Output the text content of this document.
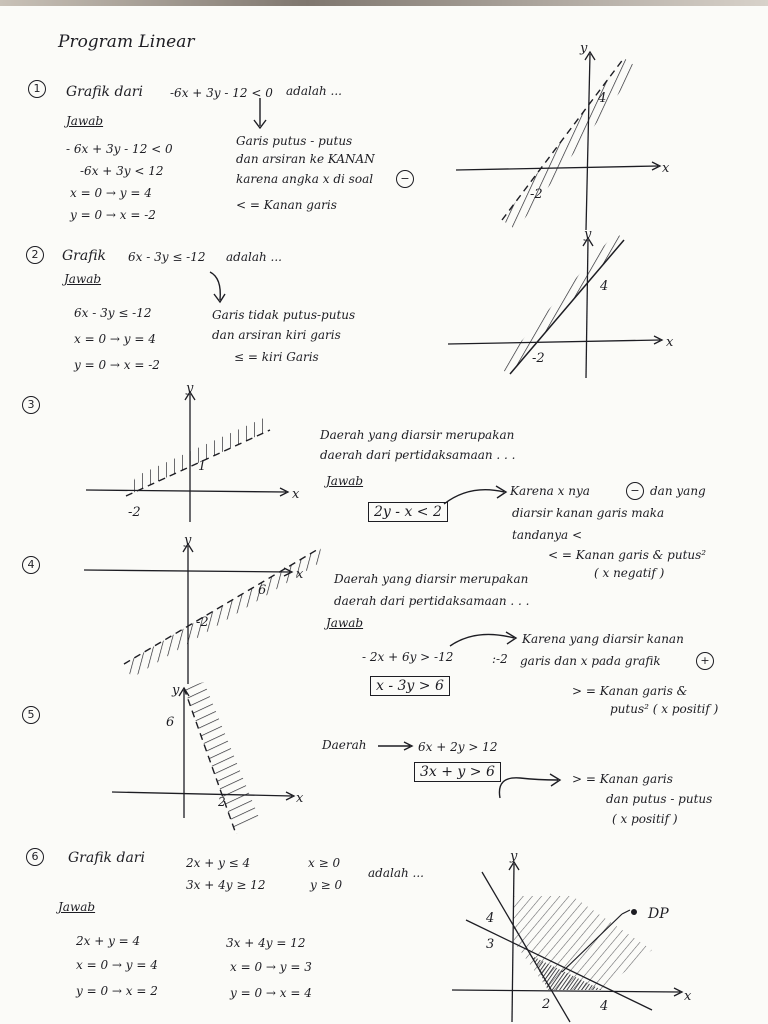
Program Linear
1	Grafik dari -6x + 3y - 12 < 0 adalah ...
Jawab
- 6x + 3y - 12 < 0
-6x + 3y < 12
x = 0 → y = 4
y = 0 → x = -2
Garis putus - putus
dan arsiran ke KANAN
karena angka x di soal	−
< = Kanan garis
-2
4
x
y
2	Grafik 6x - 3y ≤ -12 adalah ...
Jawab
6x - 3y ≤ -12
x = 0 → y = 4
y = 0 → x = -2
Garis tidak putus-putus
dan arsiran kiri garis
≤ = kiri Garis	-2
4
x
y
3
-2
1
x
y
Daerah yang diarsir merupakan
daerah dari pertidaksamaan . . .
Jawab
2y - x < 2
Karena x nya	− dan yang
diarsir kanan garis maka
tandanya <
< = Kanan garis & putus²
( x negatif )
4
-2
6
x
y
Daerah yang diarsir merupakan
daerah dari pertidaksamaan . . .
Jawab
- 2x + 6y > -12	:-2
x - 3y > 6
Karena yang diarsir kanan
garis dan x pada grafik	+
> = Kanan garis &
putus² ( x positif )
5
6
2	x
y
Daerah	6x + 2y > 12
3x + y > 6	> = Kanan garis
dan putus - putus
( x positif )
6	Grafik dari	2x + y ≤ 4
3x + 4y ≥ 12
x ≥ 0
y ≥ 0
adalah ...
Jawab
2x + y = 4
x = 0 → y = 4
y = 0 → x = 2
3x + 4y = 12
x = 0 → y = 3
y = 0 → x = 4
DP
4
3
2	4
x
y
